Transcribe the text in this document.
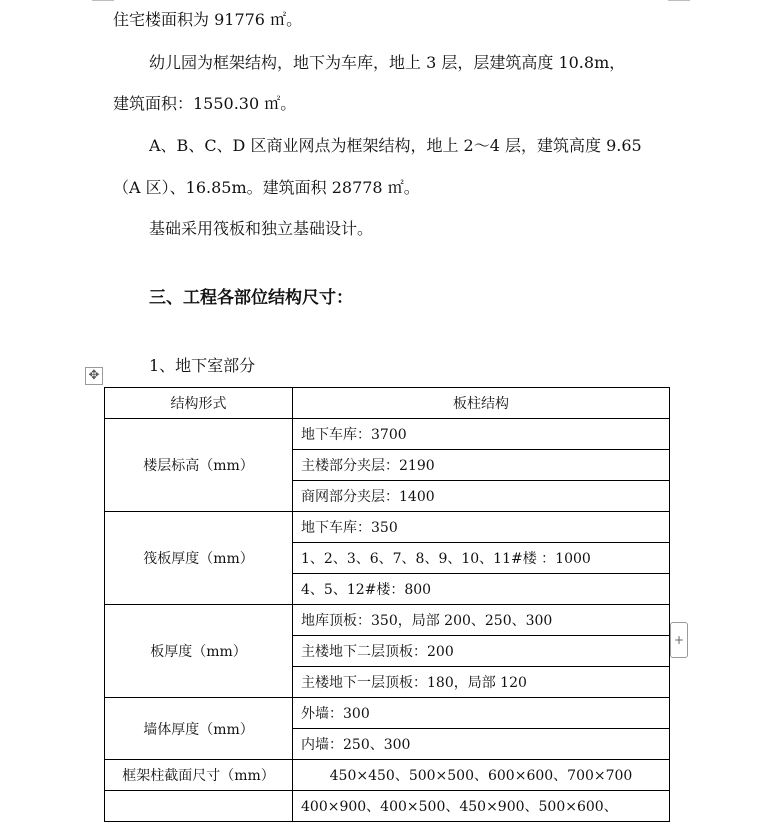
住宅楼面积为 91776 ㎡。
幼儿园为框架结构，地下为车库，地上 3 层，层建筑高度 10.8m，
建筑面积：1550.30 ㎡。
A、B、C、D 区商业网点为框架结构，地上 2～4 层，建筑高度 9.65
（A 区）、16.85m。建筑面积 28778 ㎡。
基础采用筏板和独立基础设计。
三、工程各部位结构尺寸：
1、地下室部分
✥
+
结构形式	板柱结构
楼层标高（mm）	地下车库：3700
	主楼部分夹层：2190
	商网部分夹层：1400
筏板厚度（mm）	地下车库：350
	1、2、3、6、7、8、9、10、11#楼 ：1000
	4、5、12#楼：800
板厚度（mm）	地库顶板：350，局部 200、250、300
	主楼地下二层顶板：200
	主楼地下一层顶板：180，局部 120
墙体厚度（mm）	外墙：300
	内墙：250、300
框架柱截面尺寸（mm）	450×450、500×500、600×600、700×700
	400×900、400×500、450×900、500×600、
